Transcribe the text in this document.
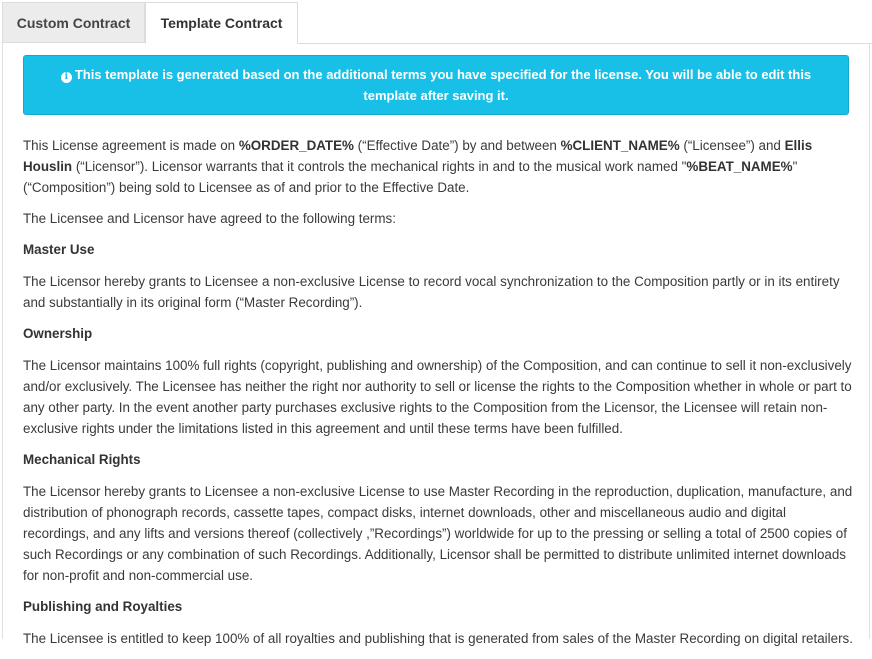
Custom Contract	Template Contract
i This template is generated based on the additional terms you have specified for the license. You will be able to edit this template after saving it.

This License agreement is made on %ORDER_DATE% (“Effective Date”) by and between %CLIENT_NAME% (“Licensee”) and Ellis Houslin (“Licensor”). Licensor warrants that it controls the mechanical rights in and to the musical work named "%BEAT_NAME%" (“Composition”) being sold to Licensee as of and prior to the Effective Date.

The Licensee and Licensor have agreed to the following terms:

Master Use

The Licensor hereby grants to Licensee a non-exclusive License to record vocal synchronization to the Composition partly or in its entirety and substantially in its original form (“Master Recording”).

Ownership

The Licensor maintains 100% full rights (copyright, publishing and ownership) of the Composition, and can continue to sell it non-exclusively and/or exclusively. The Licensee has neither the right nor authority to sell or license the rights to the Composition whether in whole or part to any other party. In the event another party purchases exclusive rights to the Composition from the Licensor, the Licensee will retain non-exclusive rights under the limitations listed in this agreement and until these terms have been fulfilled.

Mechanical Rights

The Licensor hereby grants to Licensee a non-exclusive License to use Master Recording in the reproduction, duplication, manufacture, and distribution of phonograph records, cassette tapes, compact disks, internet downloads, other and miscellaneous audio and digital recordings, and any lifts and versions thereof (collectively ,”Recordings”) worldwide for up to the pressing or selling a total of 2500 copies of such Recordings or any combination of such Recordings. Additionally, Licensor shall be permitted to distribute unlimited internet downloads for non-profit and non-commercial use.

Publishing and Royalties

The Licensee is entitled to keep 100% of all royalties and publishing that is generated from sales of the Master Recording on digital retailers.
